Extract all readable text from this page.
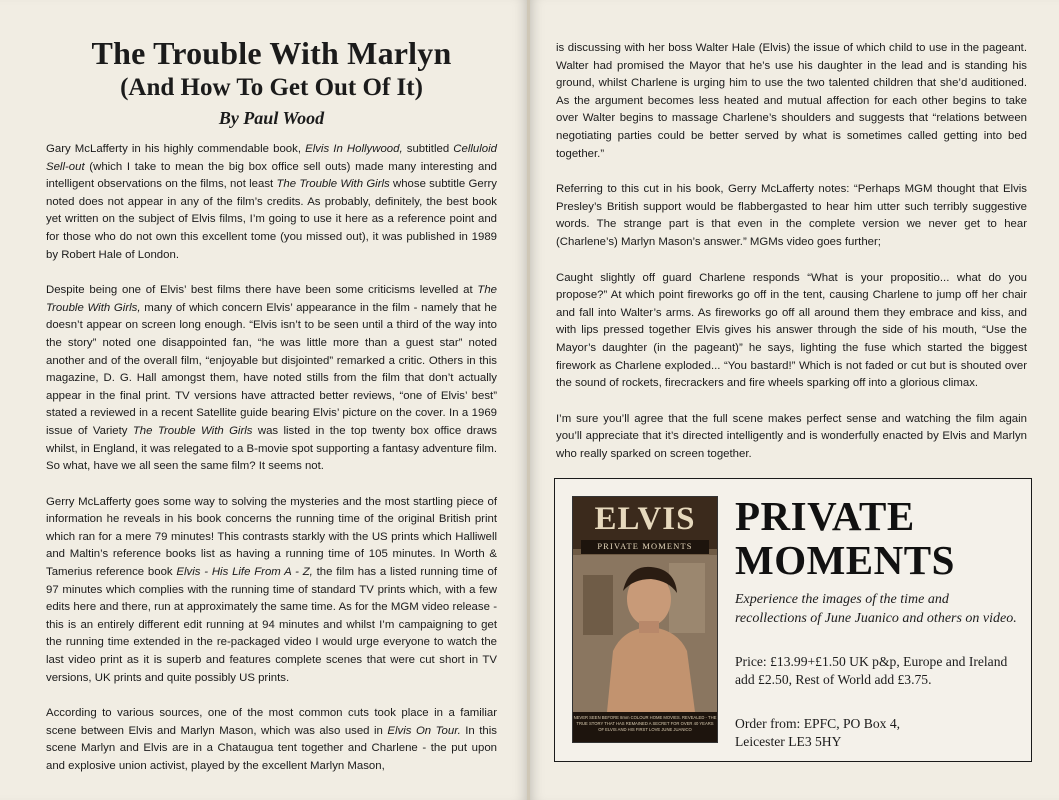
The Trouble With Marlyn
(And How To Get Out Of It)
By Paul Wood

Gary McLafferty in his highly commendable book, Elvis In Hollywood, subtitled Celluloid Sell-out (which I take to mean the big box office sell outs) made many interesting and intelligent observations on the films, not least The Trouble With Girls whose subtitle Gerry noted does not appear in any of the film’s credits. As probably, definitely, the best book yet written on the subject of Elvis films, I’m going to use it here as a reference point and for those who do not own this excellent tome (you missed out), it was published in 1989 by Robert Hale of London.

Despite being one of Elvis’ best films there have been some criticisms levelled at The Trouble With Girls, many of which concern Elvis’ appearance in the film - namely that he doesn’t appear on screen long enough. “Elvis isn’t to be seen until a third of the way into the story” noted one disappointed fan, “he was little more than a guest star” noted another and of the overall film, “enjoyable but disjointed” remarked a critic. Others in this magazine, D. G. Hall amongst them, have noted stills from the film that don’t actually appear in the final print. TV versions have attracted better reviews, “one of Elvis’ best” stated a reviewed in a recent Satellite guide bearing Elvis’ picture on the cover. In a 1969 issue of Variety The Trouble With Girls was listed in the top twenty box office draws whilst, in England, it was relegated to a B-movie spot supporting a fantasy adventure film. So what, have we all seen the same film? It seems not.

Gerry McLafferty goes some way to solving the mysteries and the most startling piece of information he reveals in his book concerns the running time of the original British print which ran for a mere 79 minutes! This contrasts starkly with the US prints which Halliwell and Maltin’s reference books list as having a running time of 105 minutes. In Worth & Tamerius reference book Elvis - His Life From A - Z, the film has a listed running time of 97 minutes which complies with the running time of standard TV prints which, with a few edits here and there, run at approximately the same time. As for the MGM video release - this is an entirely different edit running at 94 minutes and whilst I’m campaigning to get the running time extended in the re-packaged video I would urge everyone to watch the last video print as it is superb and features complete scenes that were cut short in TV versions, UK prints and quite possibly US prints.

According to various sources, one of the most common cuts took place in a familiar scene between Elvis and Marlyn Mason, which was also used in Elvis On Tour. In this scene Marlyn and Elvis are in a Chataugua tent together and Charlene - the put upon and explosive union activist, played by the excellent Marlyn Mason,

is discussing with her boss Walter Hale (Elvis) the issue of which child to use in the pageant. Walter had promised the Mayor that he’s use his daughter in the lead and is standing his ground, whilst Charlene is urging him to use the two talented children that she’d auditioned. As the argument becomes less heated and mutual affection for each other begins to take over Walter begins to massage Charlene’s shoulders and suggests that “relations between negotiating parties could be better served by what is sometimes called getting into bed together.”

Referring to this cut in his book, Gerry McLafferty notes: “Perhaps MGM thought that Elvis Presley’s British support would be flabbergasted to hear him utter such terribly suggestive words. The strange part is that even in the complete version we never get to hear (Charlene’s) Marlyn Mason’s answer.” MGMs video goes further;

Caught slightly off guard Charlene responds “What is your propositio... what do you propose?” At which point fireworks go off in the tent, causing Charlene to jump off her chair and fall into Walter’s arms. As fireworks go off all around them they embrace and kiss, and with lips pressed together Elvis gives his answer through the side of his mouth, “Use the Mayor’s daughter (in the pageant)” he says, lighting the fuse which started the biggest firework as Charlene exploded... “You bastard!” Which is not faded or cut but is shouted over the sound of rockets, firecrackers and fire wheels sparking off into a glorious climax.

I’m sure you’ll agree that the full scene makes perfect sense and watching the film again you’ll appreciate that it’s directed intelligently and is wonderfully enacted by Elvis and Marlyn who really sparked on screen together.

ELVIS
PRIVATE MOMENTS
NEVER SEEN BEFORE 8mm COLOUR HOME MOVIES. REVEALED - THE TRUE STORY THAT HAS REMAINED A SECRET FOR OVER 40 YEARS OF ELVIS AND HIS FIRST LOVE JUNE JUANICO
PRIVATE
MOMENTS
Experience the images of the time and recollections of June Juanico and others on video.
Price: £13.99+£1.50 UK p&p, Europe and Ireland add £2.50, Rest of World add £3.75.
Order from: EPFC, PO Box 4,
Leicester LE3 5HY
